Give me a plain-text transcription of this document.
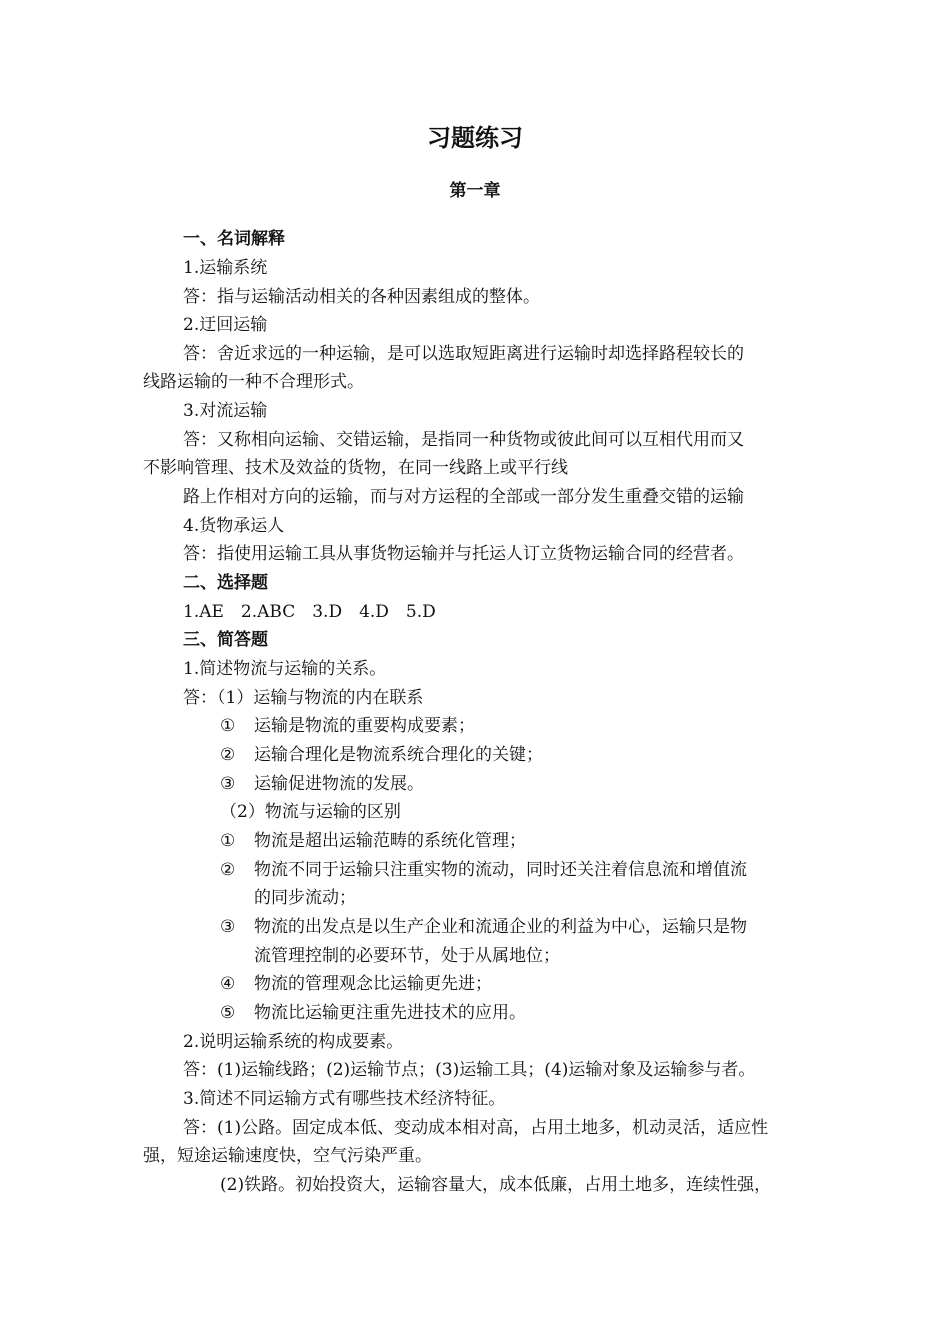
习题练习
第一章
一、名词解释
1.运输系统
答：指与运输活动相关的各种因素组成的整体。
2.迂回运输
答：舍近求远的一种运输，是可以选取短距离进行运输时却选择路程较长的
线路运输的一种不合理形式。
3.对流运输
答：又称相向运输、交错运输，是指同一种货物或彼此间可以互相代用而又
不影响管理、技术及效益的货物，在同一线路上或平行线
路上作相对方向的运输，而与对方运程的全部或一部分发生重叠交错的运输
4.货物承运人
答：指使用运输工具从事货物运输并与托运人订立货物运输合同的经营者。
二、选择题
1.AE　2.ABC　3.D　4.D　5.D
三、简答题
1.简述物流与运输的关系。
答：（1）运输与物流的内在联系
① 运输是物流的重要构成要素；
② 运输合理化是物流系统合理化的关键；
③ 运输促进物流的发展。
（2）物流与运输的区别
① 物流是超出运输范畴的系统化管理；
② 物流不同于运输只注重实物的流动，同时还关注着信息流和增值流
的同步流动；
③ 物流的出发点是以生产企业和流通企业的利益为中心，运输只是物
流管理控制的必要环节，处于从属地位；
④ 物流的管理观念比运输更先进；
⑤ 物流比运输更注重先进技术的应用。
2.说明运输系统的构成要素。
答：(1)运输线路；(2)运输节点；(3)运输工具；(4)运输对象及运输参与者。
3.简述不同运输方式有哪些技术经济特征。
答：(1)公路。固定成本低、变动成本相对高，占用土地多，机动灵活，适应性
强，短途运输速度快，空气污染严重。
(2)铁路。初始投资大，运输容量大，成本低廉，占用土地多，连续性强，
